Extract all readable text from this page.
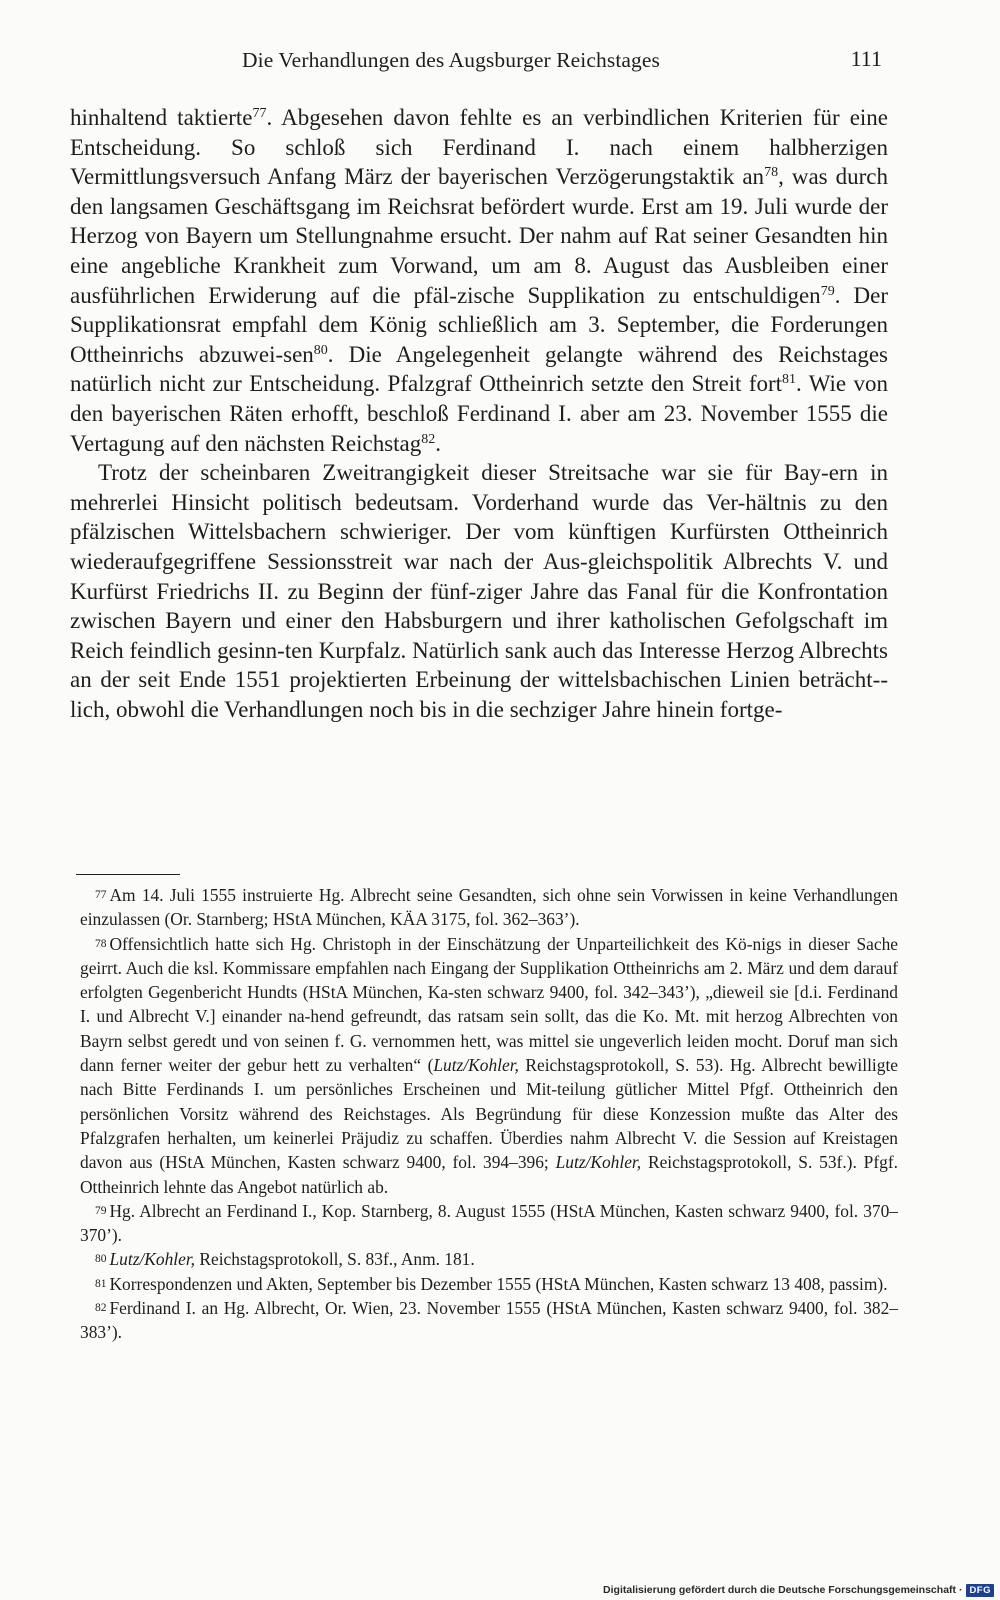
Die Verhandlungen des Augsburger Reichstages	111

hinhaltend taktierte$^{77}$. Abgesehen davon fehlte es an verbindlichen Kriterien für eine Entscheidung. So schloß sich Ferdinand I. nach einem halbherzigen Vermittlungsversuch Anfang März der bayerischen Verzögerungstaktik $an^{78}$, was durch den langsamen Geschäftsgang im Reichsrat befördert wurde. Erst am 19. Juli wurde der Herzog von Bayern um Stellungnahme ersucht. Der nahm auf Rat seiner Gesandten hin eine angebliche Krankheit zum Vorwand, um am 8. August das Ausbleiben einer ausführlichen Erwiderung auf die pfäl-zische Supplikation zu entschuldigen$^{79}$. Der Supplikationsrat empfahl dem König schließlich am 3. September, die Forderungen Ottheinrichs abzuwei-sen$^{80}$. Die Angelegenheit gelangte während des Reichstages natürlich nicht zur Entscheidung. Pfalzgraf Ottheinrich setzte den Streit fort$^{81}$. Wie von den bayerischen Räten erhofft, beschloß Ferdinand I. aber am 23. November 1555 die Vertagung auf den nächsten Reichstag$^{82}$.

Trotz der scheinbaren Zweitrangigkeit dieser Streitsache war sie für Bay-ern in mehrerlei Hinsicht politisch bedeutsam. Vorderhand wurde das Ver-hältnis zu den pfälzischen Wittelsbachern schwieriger. Der vom künftigen Kurfürsten Ottheinrich wiederaufgegriffene Sessionsstreit war nach der Aus-gleichspolitik Albrechts V. und Kurfürst Friedrichs II. zu Beginn der fünf-ziger Jahre das Fanal für die Konfrontation zwischen Bayern und einer den Habsburgern und ihrer katholischen Gefolgschaft im Reich feindlich gesinn-ten Kurpfalz. Natürlich sank auch das Interesse Herzog Albrechts an der seit Ende 1551 projektierten Erbeinung der wittelsbachischen Linien beträcht-lich, obwohl die Verhandlungen noch bis in die sechziger Jahre hinein fortge-

77 Am 14. Juli 1555 instruierte Hg. Albrecht seine Gesandten, sich ohne sein Vorwissen in keine Verhandlungen einzulassen (Or. Starnberg; HStA München, KÄA 3175, fol. 362–363’).

78 Offensichtlich hatte sich Hg. Christoph in der Einschätzung der Unparteilichkeit des Kö-nigs in dieser Sache geirrt. Auch die ksl. Kommissare empfahlen nach Eingang der Supplikation Ottheinrichs am 2. März und dem darauf erfolgten Gegenbericht Hundts (HStA München, Ka-sten schwarz 9400, fol. 342–343’), „dieweil sie [d.i. Ferdinand I. und Albrecht V.] einander na-hend gefreundt, das ratsam sein sollt, das die Ko. Mt. mit herzog Albrechten von Bayrn selbst geredt und von seinen f. G. vernommen hett, was mittel sie ungeverlich leiden mocht. Doruf man sich dann ferner weiter der gebur hett zu verhalten“ (Lutz/Kohler, Reichstagsprotokoll, S. 53). Hg. Albrecht bewilligte nach Bitte Ferdinands I. um persönliches Erscheinen und Mit-teilung gütlicher Mittel Pfgf. Ottheinrich den persönlichen Vorsitz während des Reichstages. Als Begründung für diese Konzession mußte das Alter des Pfalzgrafen herhalten, um keinerlei Präjudiz zu schaffen. Überdies nahm Albrecht V. die Session auf Kreistagen davon aus (HStA München, Kasten schwarz 9400, fol. 394–396; Lutz/Kohler, Reichstagsprotokoll, S. 53f.). Pfgf. Ottheinrich lehnte das Angebot natürlich ab.

79 Hg. Albrecht an Ferdinand I., Kop. Starnberg, 8. August 1555 (HStA München, Kasten schwarz 9400, fol. 370–370’).

80 Lutz/Kohler, Reichstagsprotokoll, S. 83f., Anm. 181.

81 Korrespondenzen und Akten, September bis Dezember 1555 (HStA München, Kasten schwarz 13 408, passim).

82 Ferdinand I. an Hg. Albrecht, Or. Wien, 23. November 1555 (HStA München, Kasten schwarz 9400, fol. 382–383’).

Digitalisierung gefördert durch die Deutsche Forschungsgemeinschaft · DFG
